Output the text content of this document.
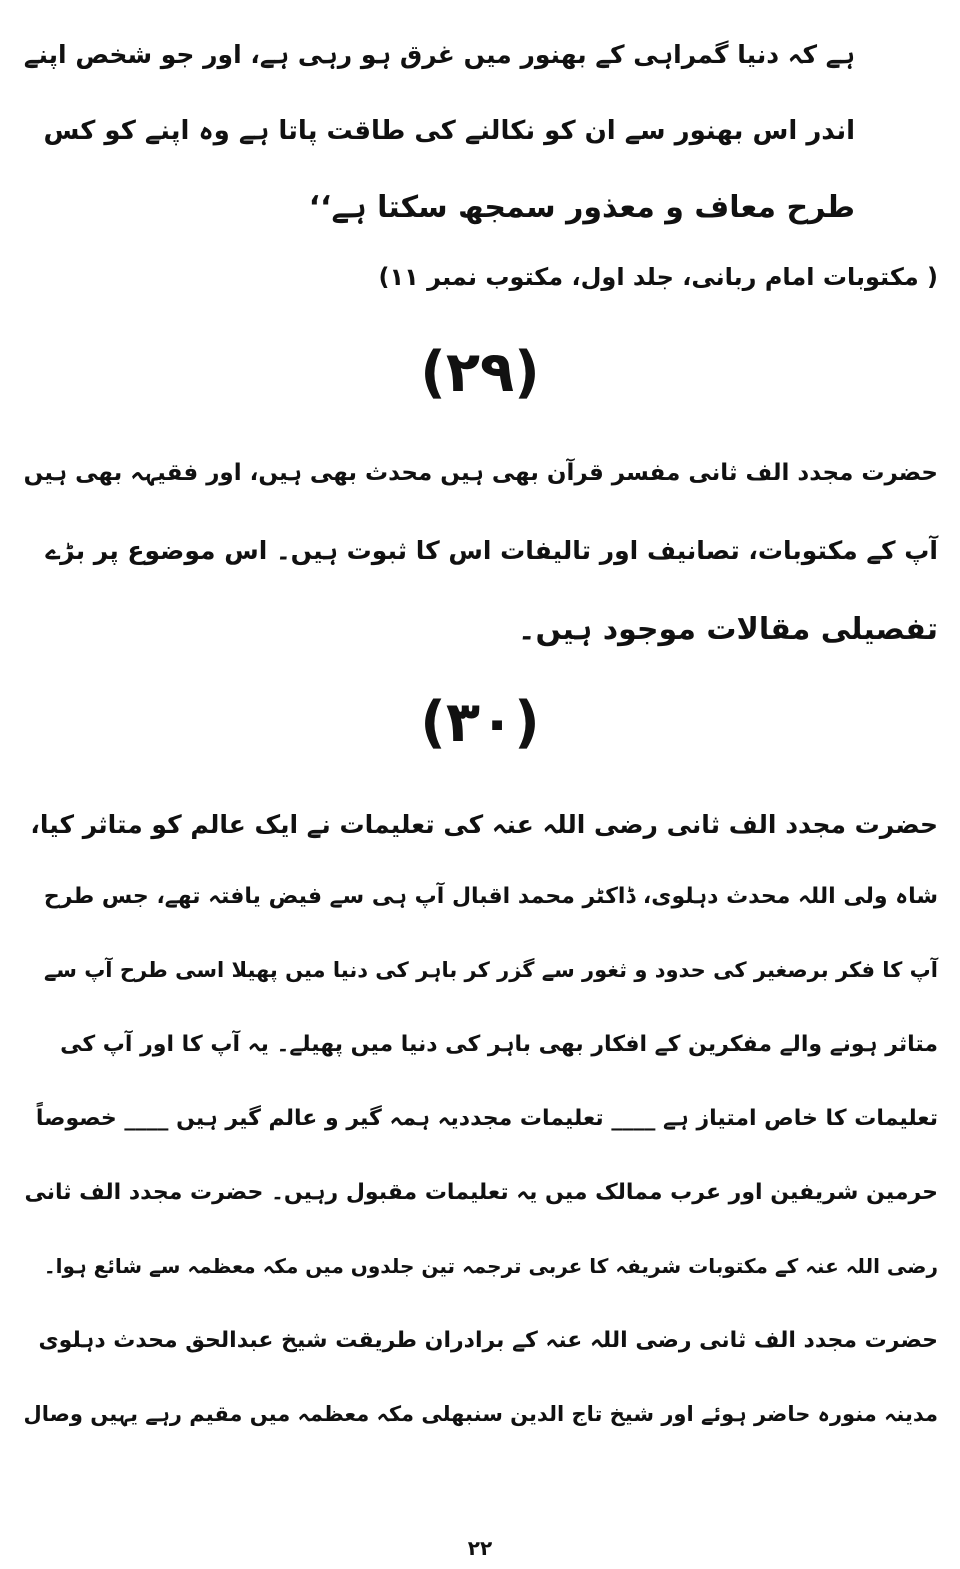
ہے کہ دنیا گمراہی کے بھنور میں غرق ہو رہی ہے، اور جو شخص اپنے
اندر اس بھنور سے ان کو نکالنے کی طاقت پاتا ہے وہ اپنے کو کس
طرح معاف و معذور سمجھ سکتا ہے‘‘
( مکتوبات امام ربانی، جلد اول، مکتوب نمبر ۱۱)
(۲۹)
حضرت مجدد الف ثانی مفسر قرآن بھی ہیں محدث بھی ہیں، اور فقیہہ بھی ہیں
آپ کے مکتوبات، تصانیف اور تالیفات اس کا ثبوت ہیں۔ اس موضوع پر بڑے
تفصیلی مقالات موجود ہیں۔
(۳۰)
حضرت مجدد الف ثانی رضی اللہ عنہ کی تعلیمات نے ایک عالم کو متاثر کیا،
شاہ ولی اللہ محدث دہلوی، ڈاکٹر محمد اقبال آپ ہی سے فیض یافتہ تھے، جس طرح
آپ کا فکر برصغیر کی حدود و ثغور سے گزر کر باہر کی دنیا میں پھیلا اسی طرح آپ سے
متاثر ہونے والے مفکرین کے افکار بھی باہر کی دنیا میں پھیلے۔ یہ آپ کا اور آپ کی
تعلیمات کا خاص امتیاز ہے ____ تعلیمات مجددیہ ہمہ گیر و عالم گیر ہیں ____ خصوصاً
حرمین شریفین اور عرب ممالک میں یہ تعلیمات مقبول رہیں۔ حضرت مجدد الف ثانی
رضی اللہ عنہ کے مکتوبات شریفہ کا عربی ترجمہ تین جلدوں میں مکہ معظمہ سے شائع ہوا۔
حضرت مجدد الف ثانی رضی اللہ عنہ کے برادران طریقت شیخ عبدالحق محدث دہلوی
مدینہ منورہ حاضر ہوئے اور شیخ تاج الدین سنبھلی مکہ معظمہ میں مقیم رہے یہیں وصال
۲۲
